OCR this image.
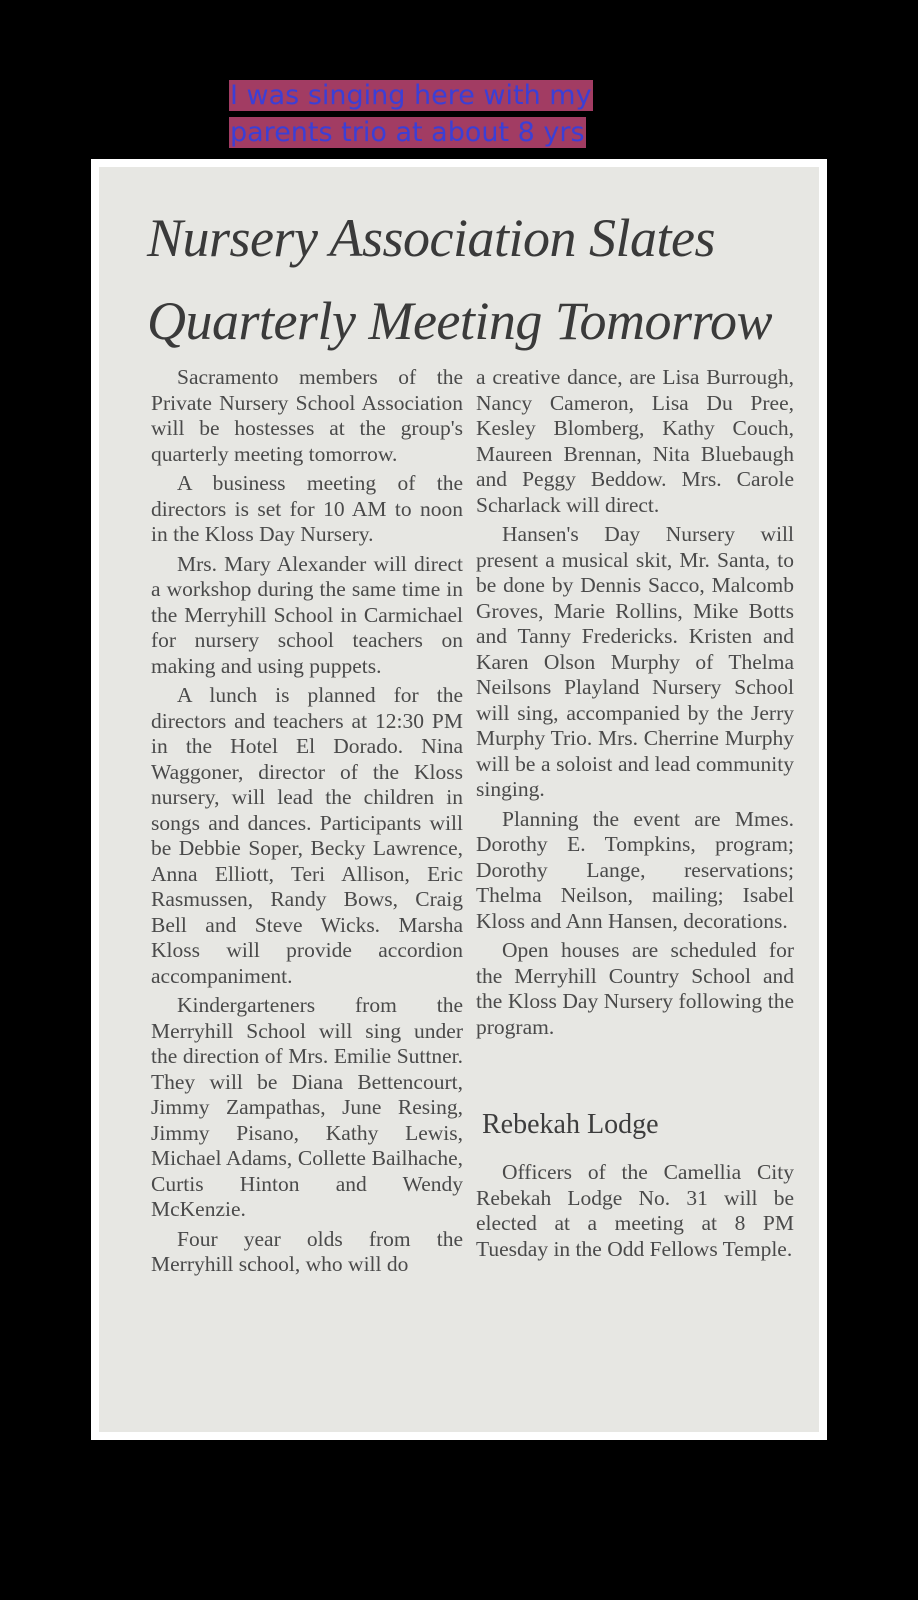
I was singing here with my
parents trio at about 8 yrs
Nursery Association Slates
Quarterly Meeting Tomorrow

Sacramento members of the Private Nursery School Association will be hostesses at the group's quarterly meeting tomorrow.

A business meeting of the directors is set for 10 AM to noon in the Kloss Day Nursery.

Mrs. Mary Alexander will direct a workshop during the same time in the Merryhill School in Carmichael for nursery school teachers on making and using puppets.

A lunch is planned for the directors and teachers at 12:30 PM in the Hotel El Dorado. Nina Waggoner, director of the Kloss nursery, will lead the children in songs and dances. Participants will be Debbie Soper, Becky Lawrence, Anna Elliott, Teri Allison, Eric Rasmussen, Randy Bows, Craig Bell and Steve Wicks. Marsha Kloss will provide accordion accompaniment.

Kindergarteners from the Merryhill School will sing under the direction of Mrs. Emilie Suttner. They will be Diana Bettencourt, Jimmy Zampathas, June Resing, Jimmy Pisano, Kathy Lewis, Michael Adams, Collette Bailhache, Curtis Hinton and Wendy McKenzie.

Four year olds from the Merryhill school, who will do

a creative dance, are Lisa Burrough, Nancy Cameron, Lisa Du Pree, Kesley Blomberg, Kathy Couch, Maureen Brennan, Nita Bluebaugh and Peggy Beddow. Mrs. Carole Scharlack will direct.

Hansen's Day Nursery will present a musical skit, Mr. Santa, to be done by Dennis Sacco, Malcomb Groves, Marie Rollins, Mike Botts and Tanny Fredericks. Kristen and Karen Olson Murphy of Thelma Neilsons Playland Nursery School will sing, accompanied by the Jerry Murphy Trio. Mrs. Cherrine Murphy will be a soloist and lead community singing.

Planning the event are Mmes. Dorothy E. Tompkins, program; Dorothy Lange, reservations; Thelma Neilson, mailing; Isabel Kloss and Ann Hansen, decorations.

Open houses are scheduled for the Merryhill Country School and the Kloss Day Nursery following the program.

Rebekah Lodge

Officers of the Camellia City Rebekah Lodge No. 31 will be elected at a meeting at 8 PM Tuesday in the Odd Fellows Temple.
